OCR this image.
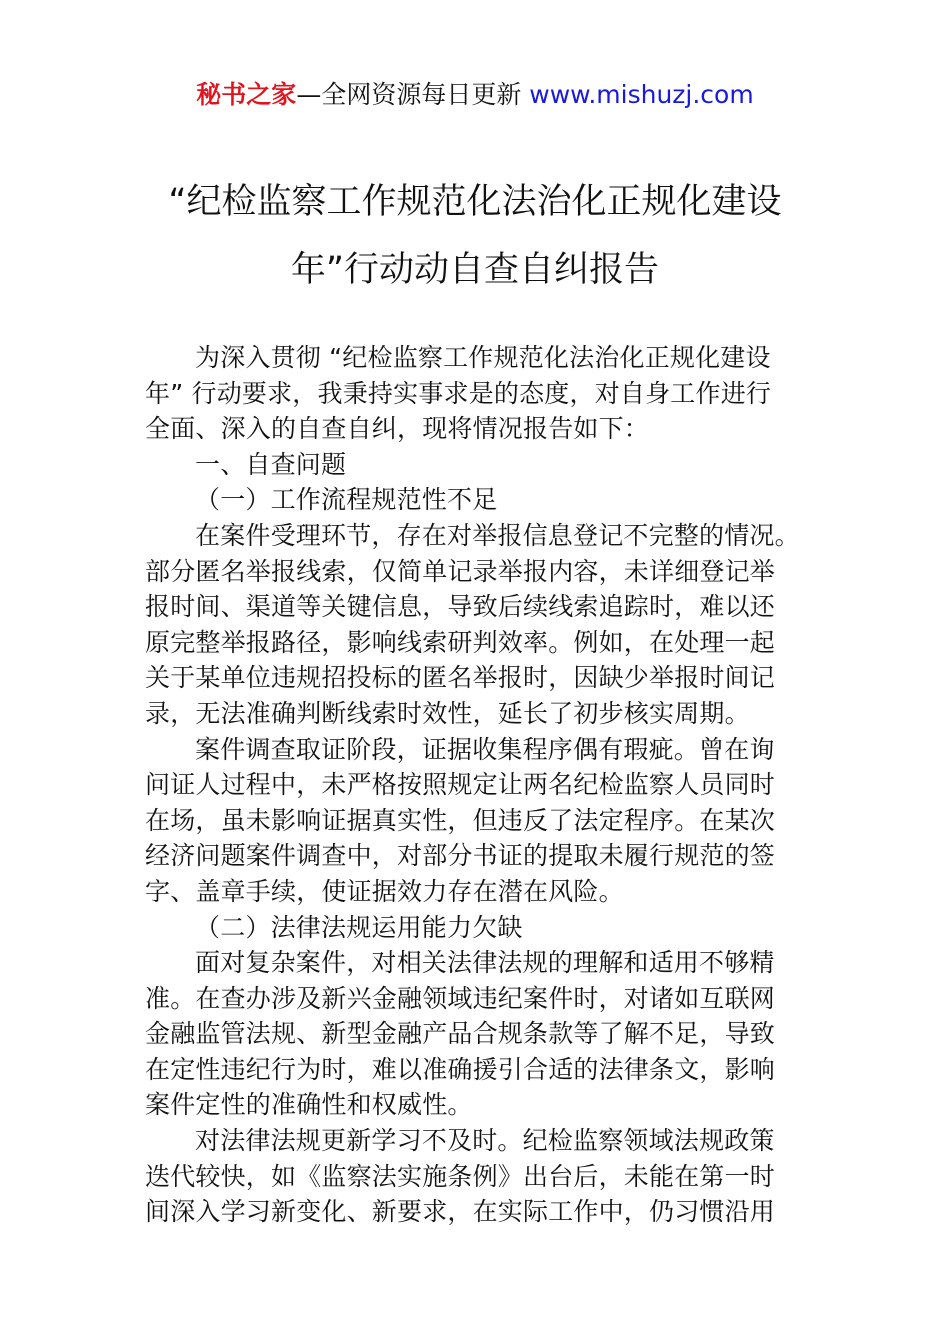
秘书之家—全网资源每日更新 www.mishuzj.com
“纪检监察工作规范化法治化正规化建设
年”行动动自查自纠报告
为深入贯彻 “纪检监察工作规范化法治化正规化建设
年” 行动要求，我秉持实事求是的态度，对自身工作进行
全面、深入的自查自纠，现将情况报告如下：
一、自查问题
（一）工作流程规范性不足
在案件受理环节，存在对举报信息登记不完整的情况。
部分匿名举报线索，仅简单记录举报内容，未详细登记举
报时间、渠道等关键信息，导致后续线索追踪时，难以还
原完整举报路径，影响线索研判效率。例如，在处理一起
关于某单位违规招投标的匿名举报时，因缺少举报时间记
录，无法准确判断线索时效性，延长了初步核实周期。
案件调查取证阶段，证据收集程序偶有瑕疵。曾在询
问证人过程中，未严格按照规定让两名纪检监察人员同时
在场，虽未影响证据真实性，但违反了法定程序。在某次
经济问题案件调查中，对部分书证的提取未履行规范的签
字、盖章手续，使证据效力存在潜在风险。
（二）法律法规运用能力欠缺
面对复杂案件，对相关法律法规的理解和适用不够精
准。在查办涉及新兴金融领域违纪案件时，对诸如互联网
金融监管法规、新型金融产品合规条款等了解不足，导致
在定性违纪行为时，难以准确援引合适的法律条文，影响
案件定性的准确性和权威性。
对法律法规更新学习不及时。纪检监察领域法规政策
迭代较快，如《监察法实施条例》出台后，未能在第一时
间深入学习新变化、新要求，在实际工作中，仍习惯沿用
